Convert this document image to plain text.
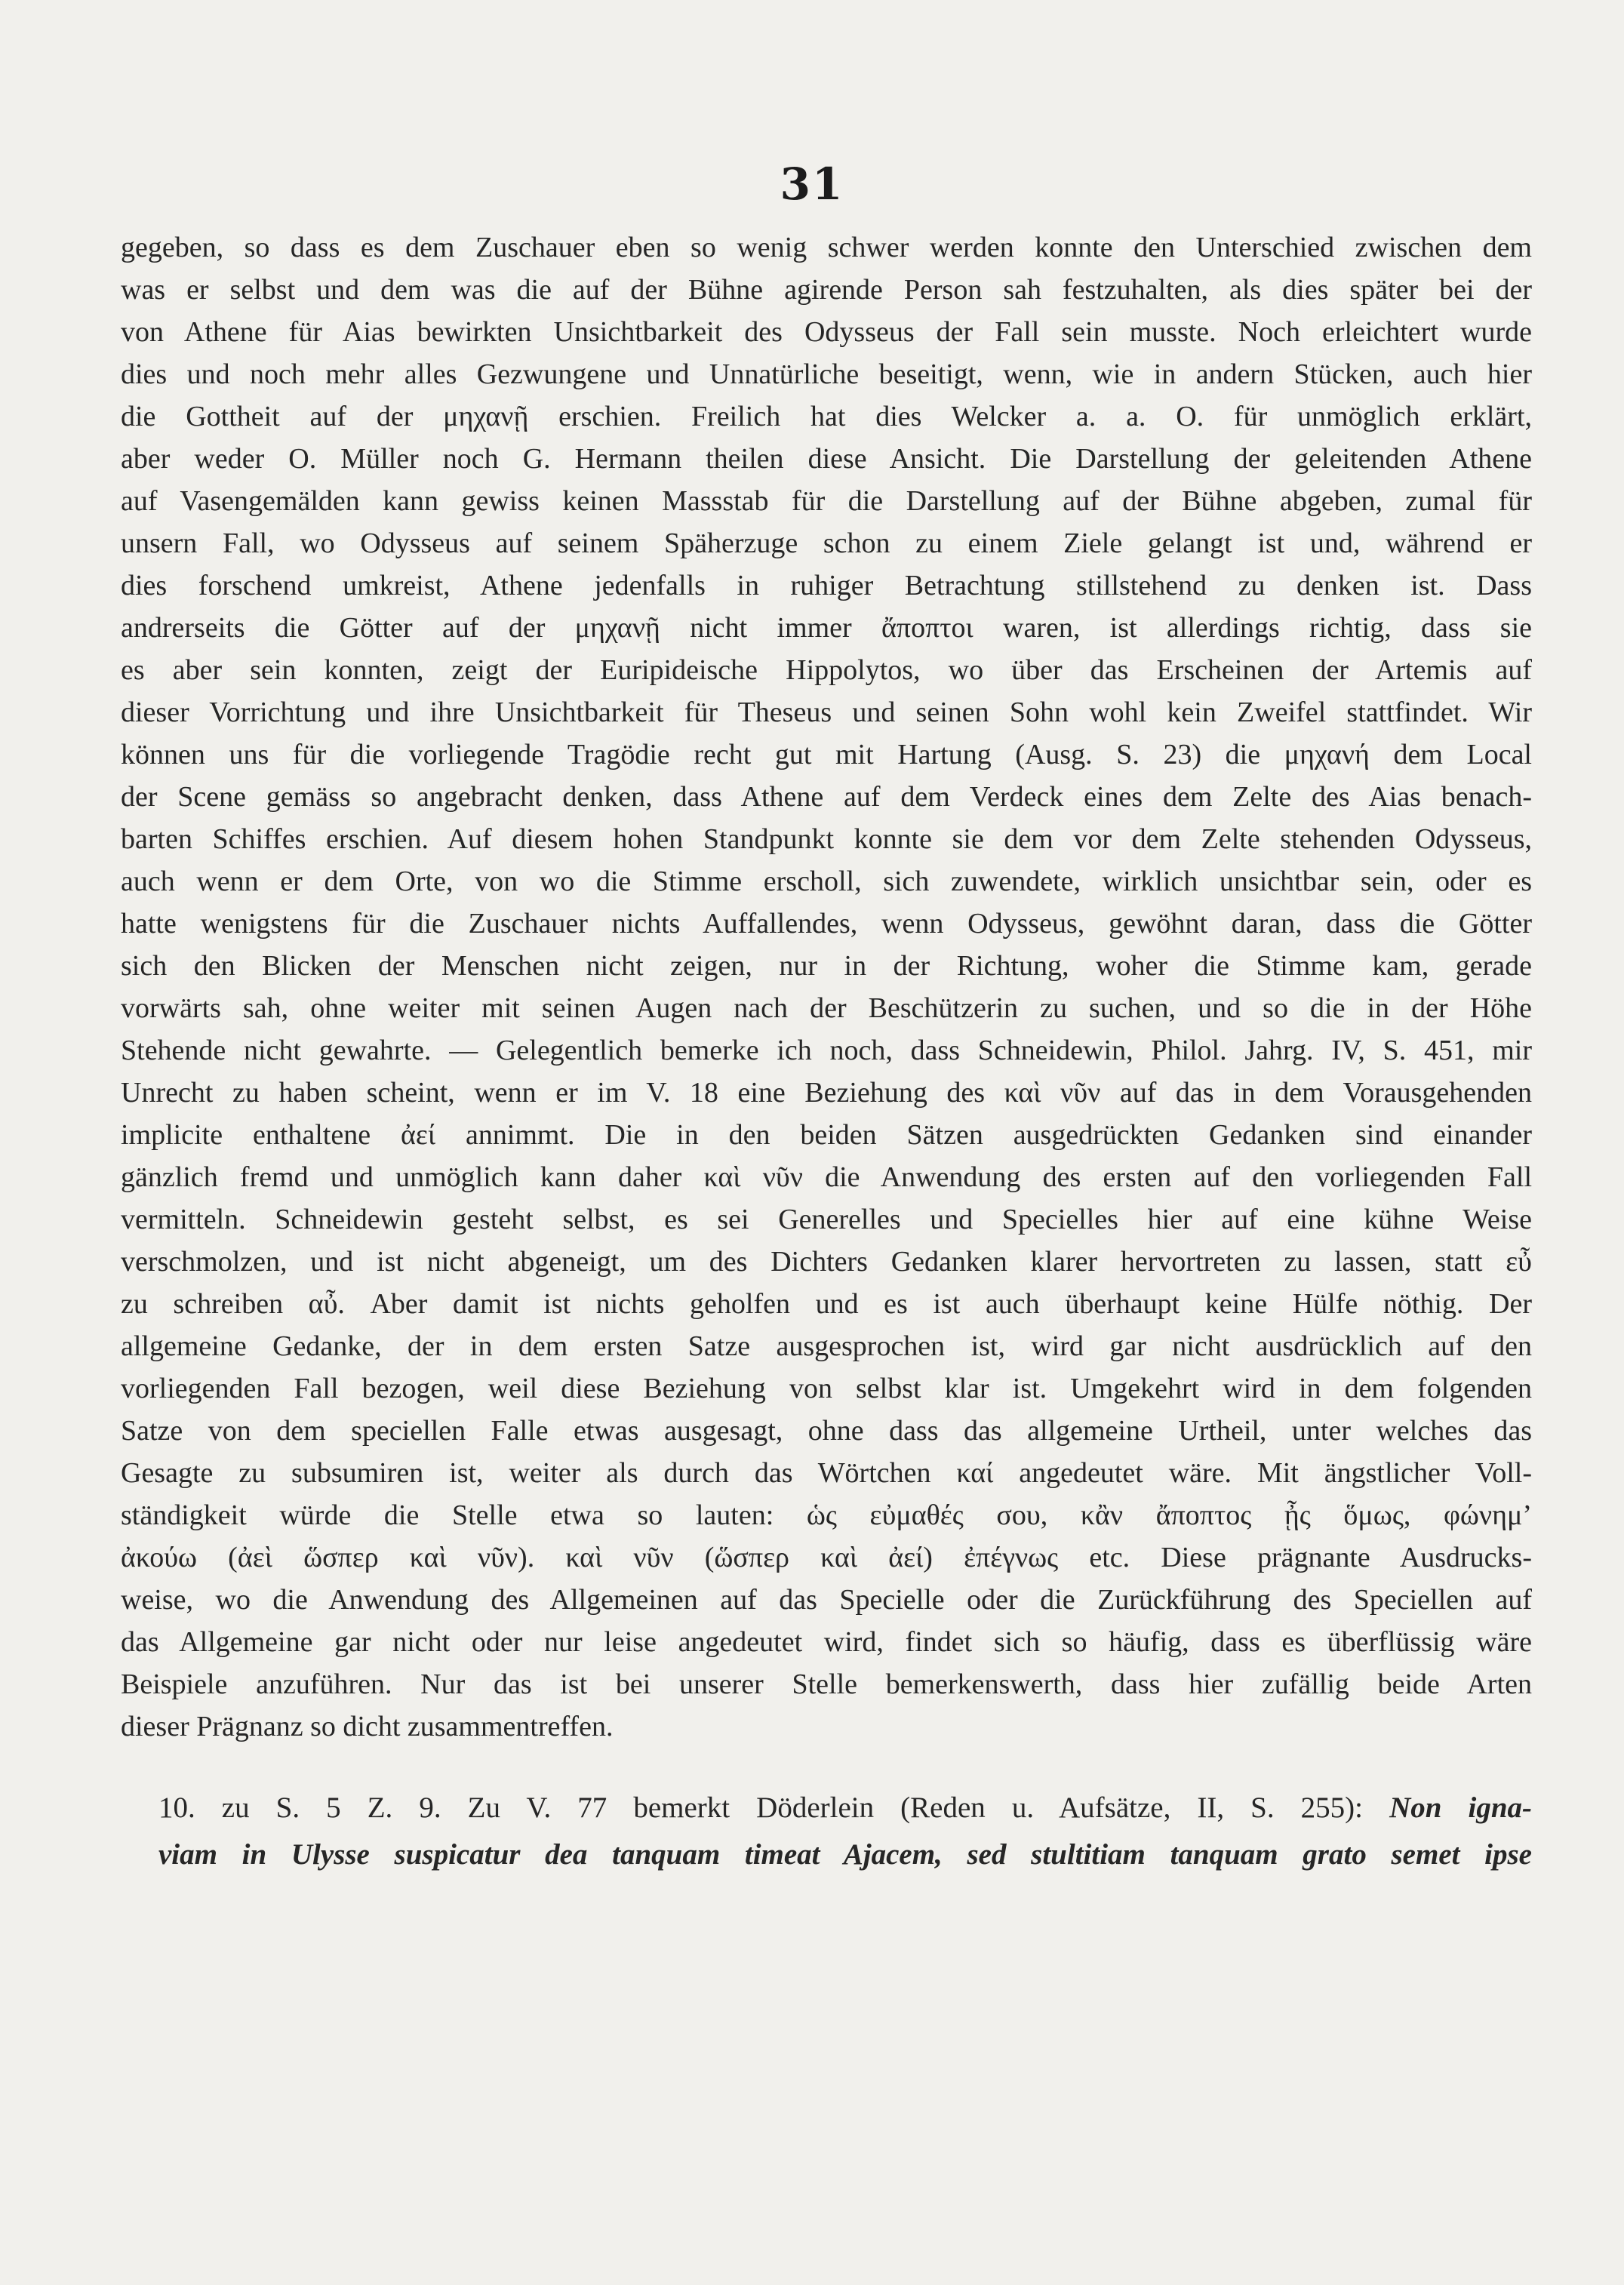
31
gegeben, so dass es dem Zuschauer eben so wenig schwer werden konnte den Unterschied zwischen dem
was er selbst und dem was die auf der Bühne agirende Person sah festzuhalten, als dies später bei der
von Athene für Aias bewirkten Unsichtbarkeit des Odysseus der Fall sein musste. Noch erleichtert wurde
dies und noch mehr alles Gezwungene und Unnatürliche beseitigt, wenn, wie in andern Stücken, auch hier
die Gottheit auf der μηχανῇ erschien. Freilich hat dies Welcker a. a. O. für unmöglich erklärt,
aber weder O. Müller noch G. Hermann theilen diese Ansicht. Die Darstellung der geleitenden Athene
auf Vasengemälden kann gewiss keinen Massstab für die Darstellung auf der Bühne abgeben, zumal für
unsern Fall, wo Odysseus auf seinem Späherzuge schon zu einem Ziele gelangt ist und, während er
dies forschend umkreist, Athene jedenfalls in ruhiger Betrachtung stillstehend zu denken ist. Dass
andrerseits die Götter auf der μηχανῇ nicht immer ἄποπτοι waren, ist allerdings richtig, dass sie
es aber sein konnten, zeigt der Euripideische Hippolytos, wo über das Erscheinen der Artemis auf
dieser Vorrichtung und ihre Unsichtbarkeit für Theseus und seinen Sohn wohl kein Zweifel stattfindet. Wir
können uns für die vorliegende Tragödie recht gut mit Hartung (Ausg. S. 23) die μηχανή dem Local
der Scene gemäss so angebracht denken, dass Athene auf dem Verdeck eines dem Zelte des Aias benach-
barten Schiffes erschien. Auf diesem hohen Standpunkt konnte sie dem vor dem Zelte stehenden Odysseus,
auch wenn er dem Orte, von wo die Stimme erscholl, sich zuwendete, wirklich unsichtbar sein, oder es
hatte wenigstens für die Zuschauer nichts Auffallendes, wenn Odysseus, gewöhnt daran, dass die Götter
sich den Blicken der Menschen nicht zeigen, nur in der Richtung, woher die Stimme kam, gerade
vorwärts sah, ohne weiter mit seinen Augen nach der Beschützerin zu suchen, und so die in der Höhe
Stehende nicht gewahrte. — Gelegentlich bemerke ich noch, dass Schneidewin, Philol. Jahrg. IV, S. 451, mir
Unrecht zu haben scheint, wenn er im V. 18 eine Beziehung des καὶ νῦν auf das in dem Vorausgehenden
implicite enthaltene ἀεί annimmt. Die in den beiden Sätzen ausgedrückten Gedanken sind einander
gänzlich fremd und unmöglich kann daher καὶ νῦν die Anwendung des ersten auf den vorliegenden Fall
vermitteln. Schneidewin gesteht selbst, es sei Generelles und Specielles hier auf eine kühne Weise
verschmolzen, und ist nicht abgeneigt, um des Dichters Gedanken klarer hervortreten zu lassen, statt εὖ
zu schreiben αὖ. Aber damit ist nichts geholfen und es ist auch überhaupt keine Hülfe nöthig. Der
allgemeine Gedanke, der in dem ersten Satze ausgesprochen ist, wird gar nicht ausdrücklich auf den
vorliegenden Fall bezogen, weil diese Beziehung von selbst klar ist. Umgekehrt wird in dem folgenden
Satze von dem speciellen Falle etwas ausgesagt, ohne dass das allgemeine Urtheil, unter welches das
Gesagte zu subsumiren ist, weiter als durch das Wörtchen καί angedeutet wäre. Mit ängstlicher Voll-
ständigkeit würde die Stelle etwa so lauten: ὡς εὐμαθές σου, κἂν ἄποπτος ᾖς ὅμως, φώνημ’
ἀκούω (ἀεὶ ὥσπερ καὶ νῦν). καὶ νῦν (ὥσπερ καὶ ἀεί) ἐπέγνως etc. Diese prägnante Ausdrucks-
weise, wo die Anwendung des Allgemeinen auf das Specielle oder die Zurückführung des Speciellen auf
das Allgemeine gar nicht oder nur leise angedeutet wird, findet sich so häufig, dass es überflüssig wäre
Beispiele anzuführen. Nur das ist bei unserer Stelle bemerkenswerth, dass hier zufällig beide Arten
dieser Prägnanz so dicht zusammentreffen.
10. zu S. 5 Z. 9. Zu V. 77 bemerkt Döderlein (Reden u. Aufsätze, II, S. 255): Non igna-
viam in Ulysse suspicatur dea tanquam timeat Ajacem, sed stultitiam tanquam grato semet ipse
